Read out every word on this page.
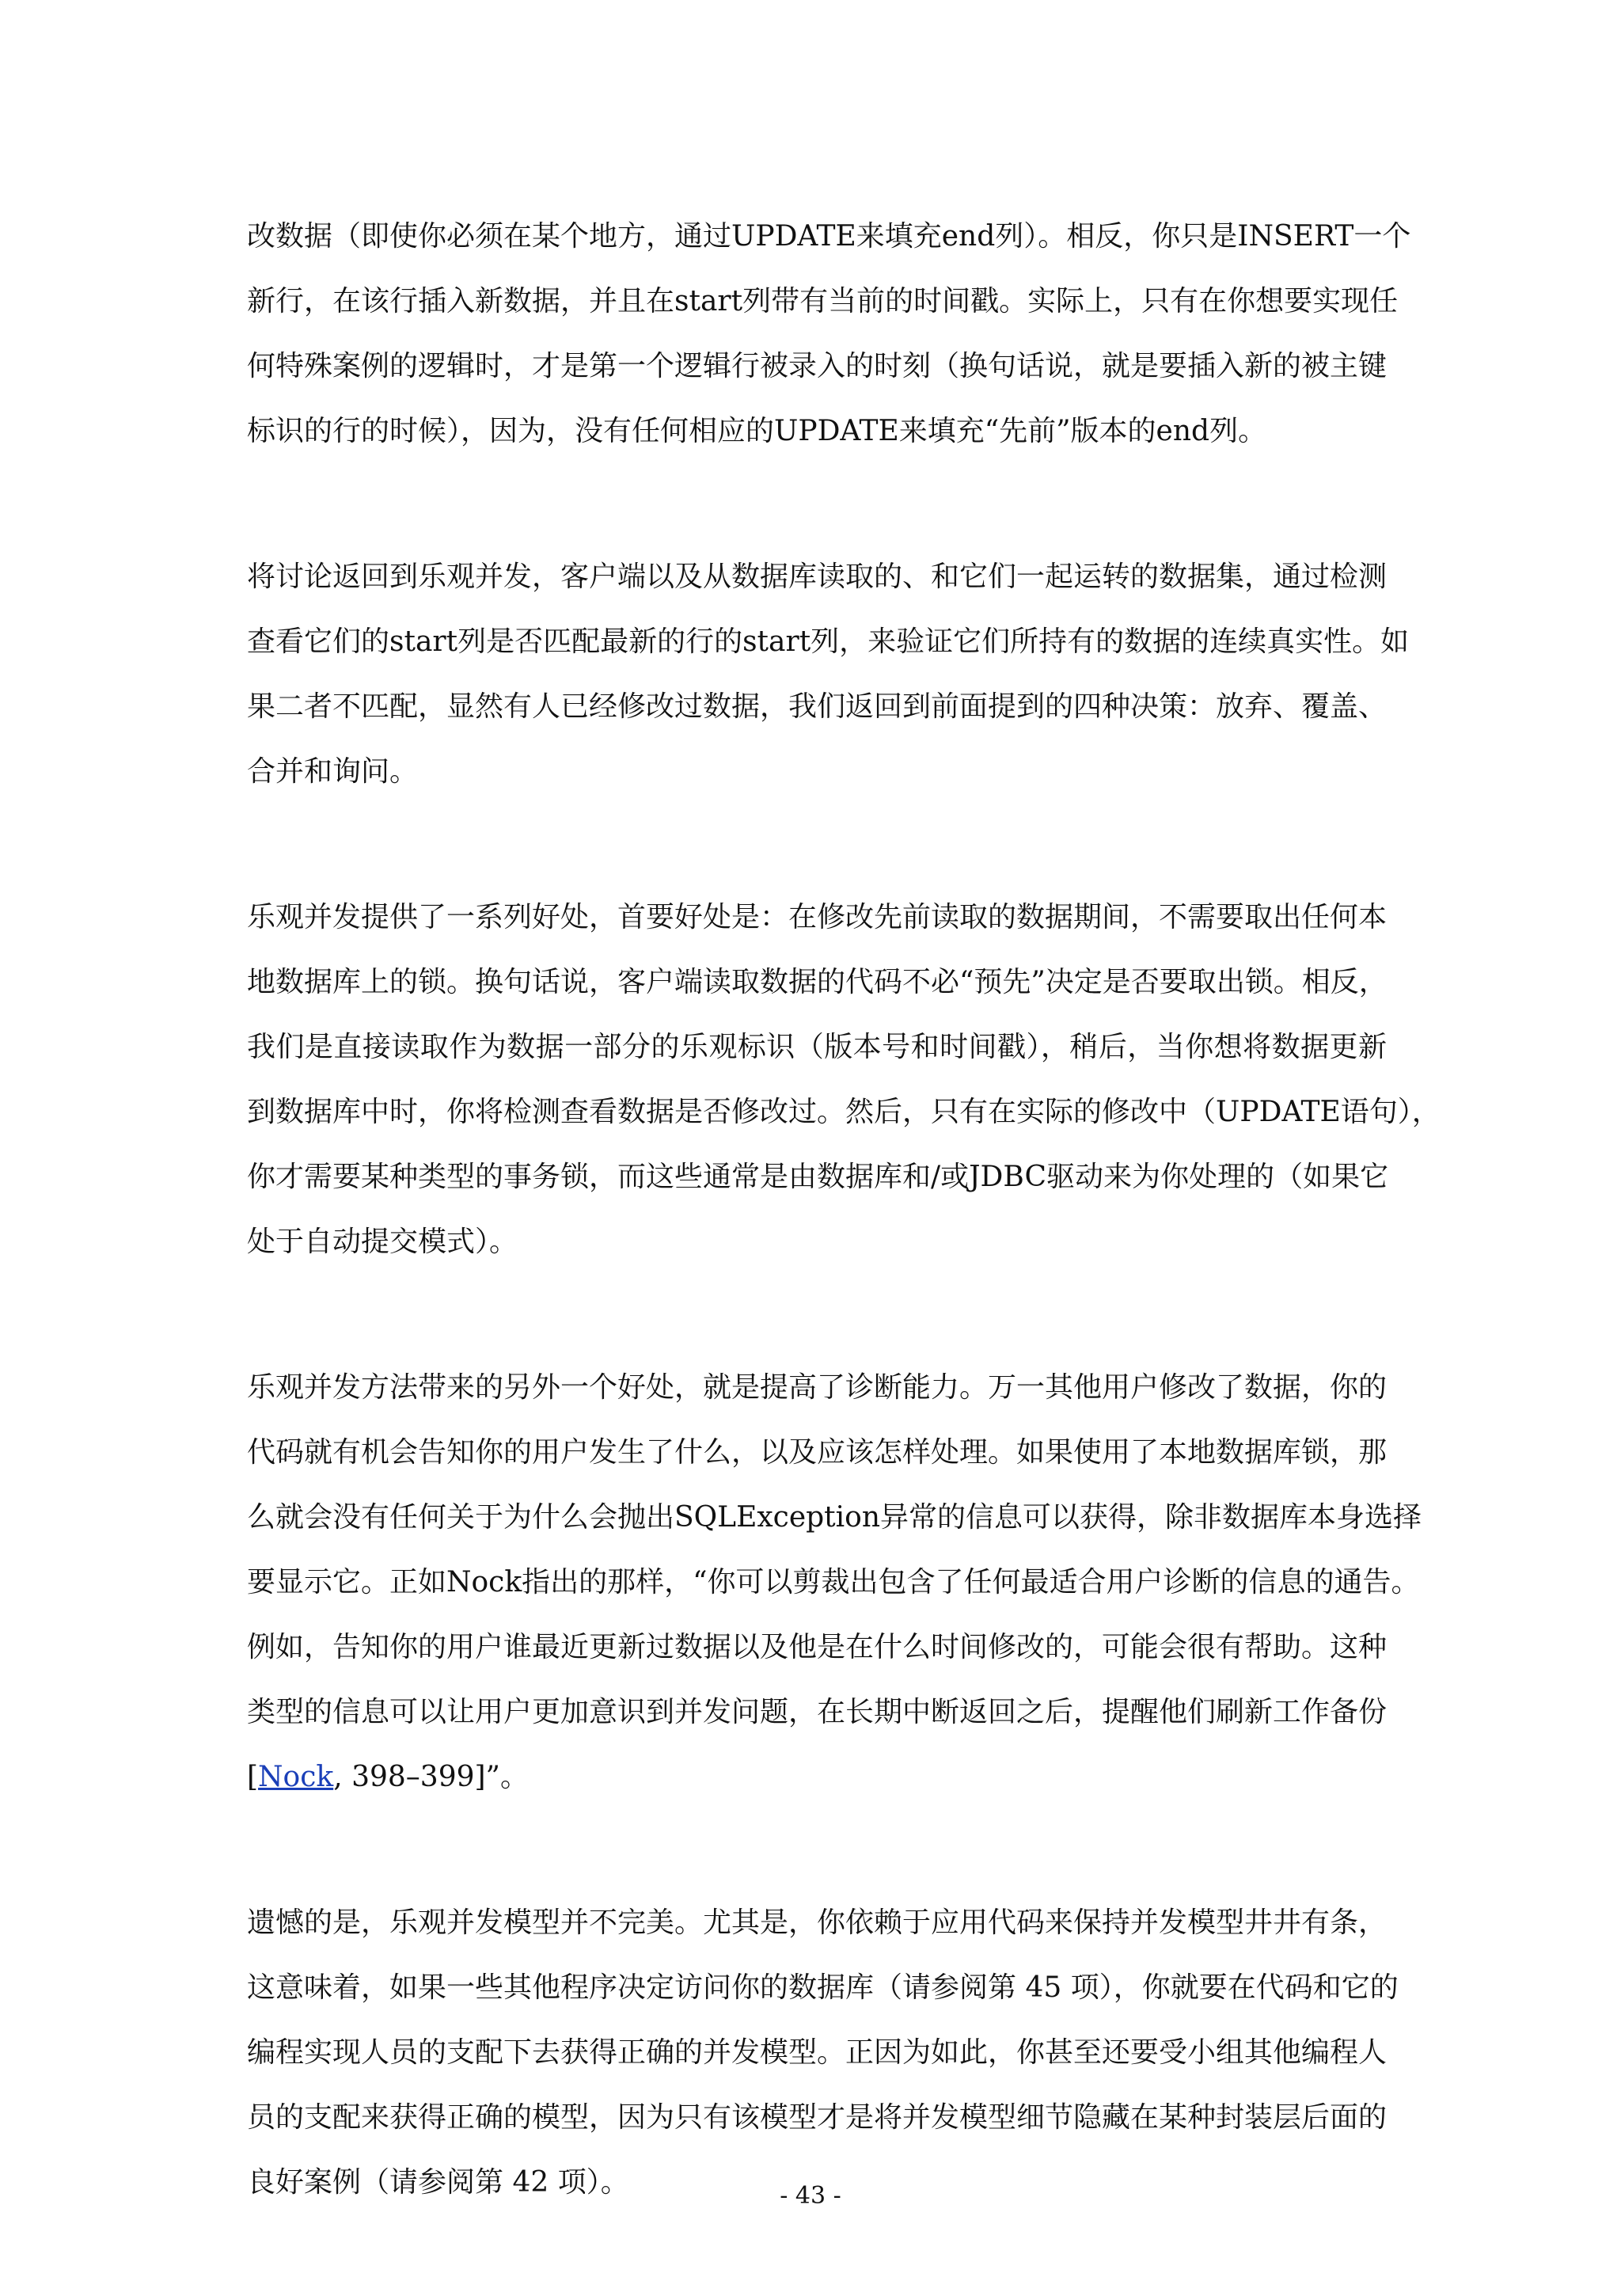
改数据（即使你必须在某个地方，通过UPDATE来填充end列）。相反，你只是INSERT一个
新行，在该行插入新数据，并且在start列带有当前的时间戳。实际上，只有在你想要实现任
何特殊案例的逻辑时，才是第一个逻辑行被录入的时刻（换句话说，就是要插入新的被主键
标识的行的时候），因为，没有任何相应的UPDATE来填充“先前”版本的end列。

将讨论返回到乐观并发，客户端以及从数据库读取的、和它们一起运转的数据集，通过检测
查看它们的start列是否匹配最新的行的start列，来验证它们所持有的数据的连续真实性。如
果二者不匹配，显然有人已经修改过数据，我们返回到前面提到的四种决策：放弃、覆盖、
合并和询问。

乐观并发提供了一系列好处，首要好处是：在修改先前读取的数据期间，不需要取出任何本
地数据库上的锁。换句话说，客户端读取数据的代码不必“预先”决定是否要取出锁。相反，
我们是直接读取作为数据一部分的乐观标识（版本号和时间戳），稍后，当你想将数据更新
到数据库中时，你将检测查看数据是否修改过。然后，只有在实际的修改中（UPDATE语句），
你才需要某种类型的事务锁，而这些通常是由数据库和/或JDBC驱动来为你处理的（如果它
处于自动提交模式）。

乐观并发方法带来的另外一个好处，就是提高了诊断能力。万一其他用户修改了数据，你的
代码就有机会告知你的用户发生了什么，以及应该怎样处理。如果使用了本地数据库锁，那
么就会没有任何关于为什么会抛出SQLException异常的信息可以获得，除非数据库本身选择
要显示它。正如Nock指出的那样，“你可以剪裁出包含了任何最适合用户诊断的信息的通告。
例如，告知你的用户谁最近更新过数据以及他是在什么时间修改的，可能会很有帮助。这种
类型的信息可以让用户更加意识到并发问题，在长期中断返回之后，提醒他们刷新工作备份
[Nock, 398–399]”。

遗憾的是，乐观并发模型并不完美。尤其是，你依赖于应用代码来保持并发模型井井有条，
这意味着，如果一些其他程序决定访问你的数据库（请参阅第 45 项），你就要在代码和它的
编程实现人员的支配下去获得正确的并发模型。正因为如此，你甚至还要受小组其他编程人
员的支配来获得正确的模型，因为只有该模型才是将并发模型细节隐藏在某种封装层后面的
良好案例（请参阅第 42 项）。	- 43 -
